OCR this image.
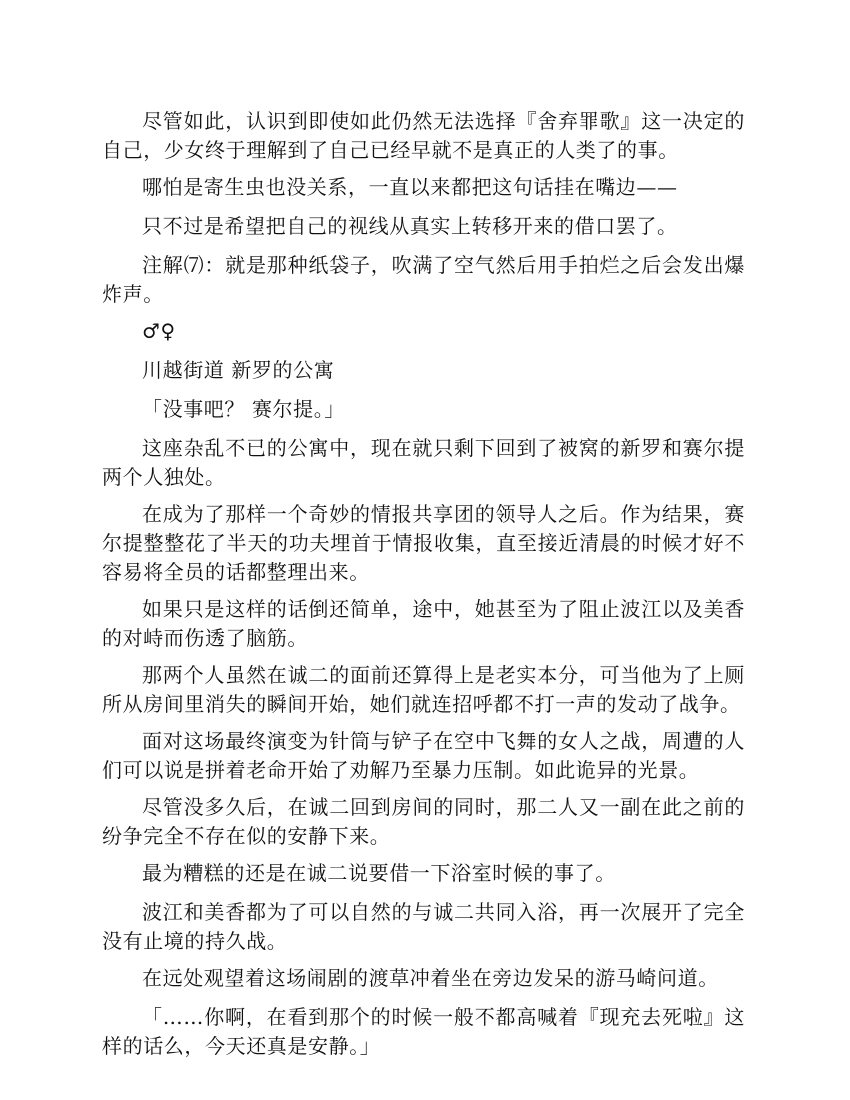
尽管如此，认识到即使如此仍然无法选择『舍弃罪歌』这一决定的自己，少女终于理解到了自己已经早就不是真正的人类了的事。

哪怕是寄生虫也没关系，一直以来都把这句话挂在嘴边——

只不过是希望把自己的视线从真实上转移开来的借口罢了。

注解⑺：就是那种纸袋子，吹满了空气然后用手拍烂之后会发出爆炸声。

♂♀

川越街道 新罗的公寓

「没事吧？ 赛尔提。」

这座杂乱不已的公寓中，现在就只剩下回到了被窝的新罗和赛尔提两个人独处。

在成为了那样一个奇妙的情报共享团的领导人之后。作为结果，赛尔提整整花了半天的功夫埋首于情报收集，直至接近清晨的时候才好不容易将全员的话都整理出来。

如果只是这样的话倒还简单，途中，她甚至为了阻止波江以及美香的对峙而伤透了脑筋。

那两个人虽然在诚二的面前还算得上是老实本分，可当他为了上厕所从房间里消失的瞬间开始，她们就连招呼都不打一声的发动了战争。

面对这场最终演变为针筒与铲子在空中飞舞的女人之战，周遭的人们可以说是拼着老命开始了劝解乃至暴力压制。如此诡异的光景。

尽管没多久后，在诚二回到房间的同时，那二人又一副在此之前的纷争完全不存在似的安静下来。

最为糟糕的还是在诚二说要借一下浴室时候的事了。

波江和美香都为了可以自然的与诚二共同入浴，再一次展开了完全没有止境的持久战。

在远处观望着这场闹剧的渡草冲着坐在旁边发呆的游马崎问道。

「……你啊，在看到那个的时候一般不都高喊着『现充去死啦』这样的话么，今天还真是安静。」
